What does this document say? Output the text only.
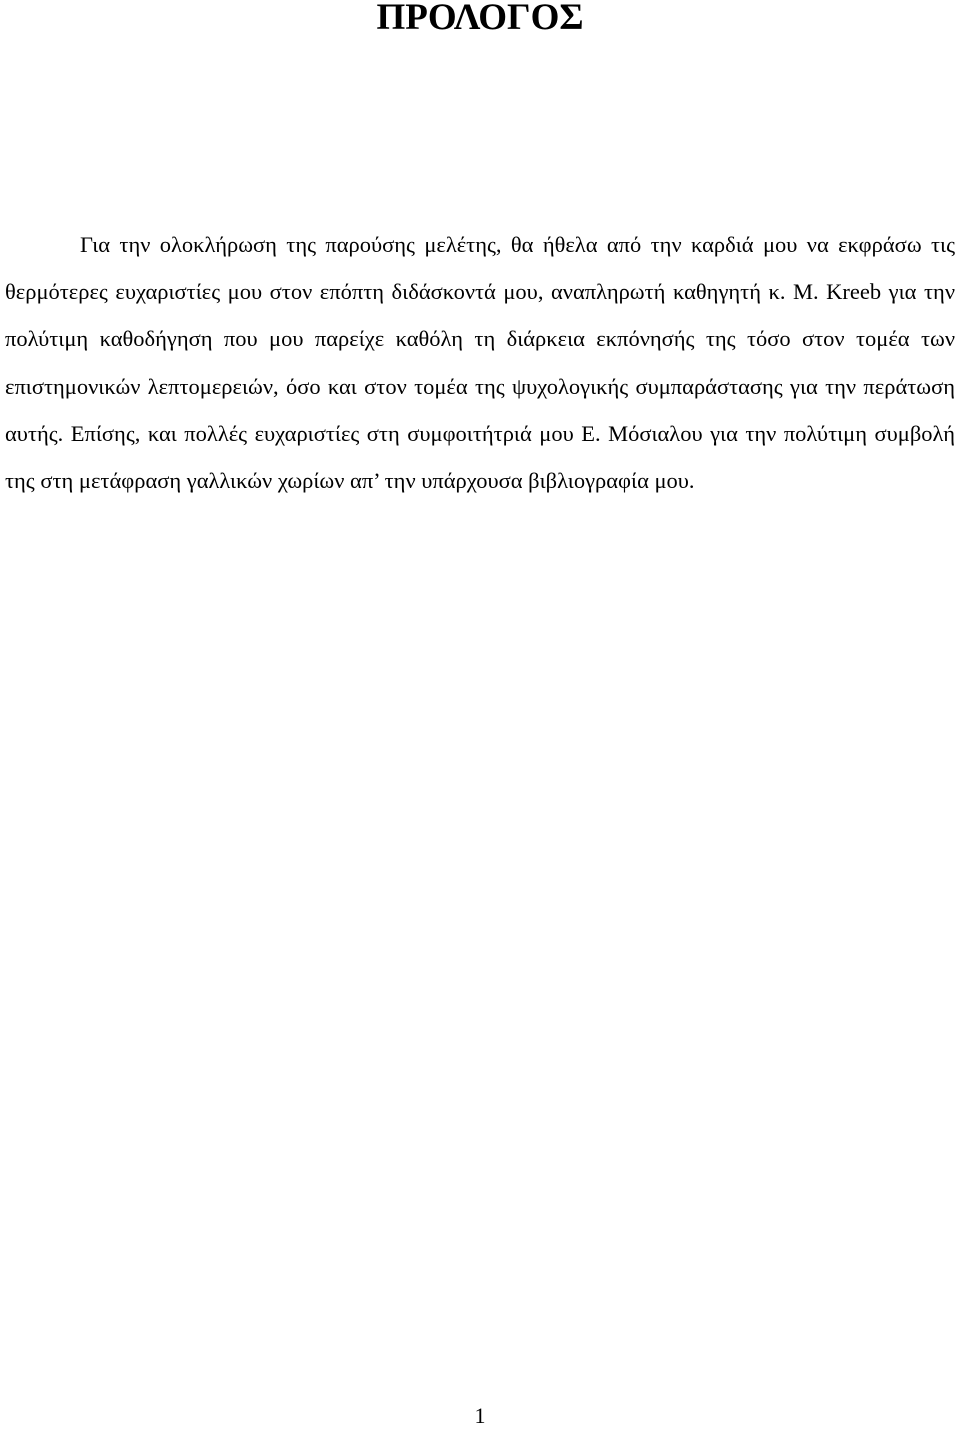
ΠΡΟΛΟΓΟΣ

Για την ολοκλήρωση της παρούσης μελέτης, θα ήθελα από την καρδιά μου να εκφράσω τις θερμότερες ευχαριστίες μου στον επόπτη διδάσκοντά μου, αναπληρωτή καθηγητή κ. Μ. Kreeb για την πολύτιμη καθοδήγηση που μου παρείχε καθόλη τη διάρκεια εκπόνησής της τόσο στον τομέα των επιστημονικών λεπτομερειών, όσο και στον τομέα της ψυχολογικής συμπαράστασης για την περάτωση αυτής. Επίσης, και πολλές ευχαριστίες στη συμφοιτήτριά μου Ε. Μόσιαλου για την πολύτιμη συμβολή της στη μετάφραση γαλλικών χωρίων απ’ την υπάρχουσα βιβλιογραφία μου.

1
